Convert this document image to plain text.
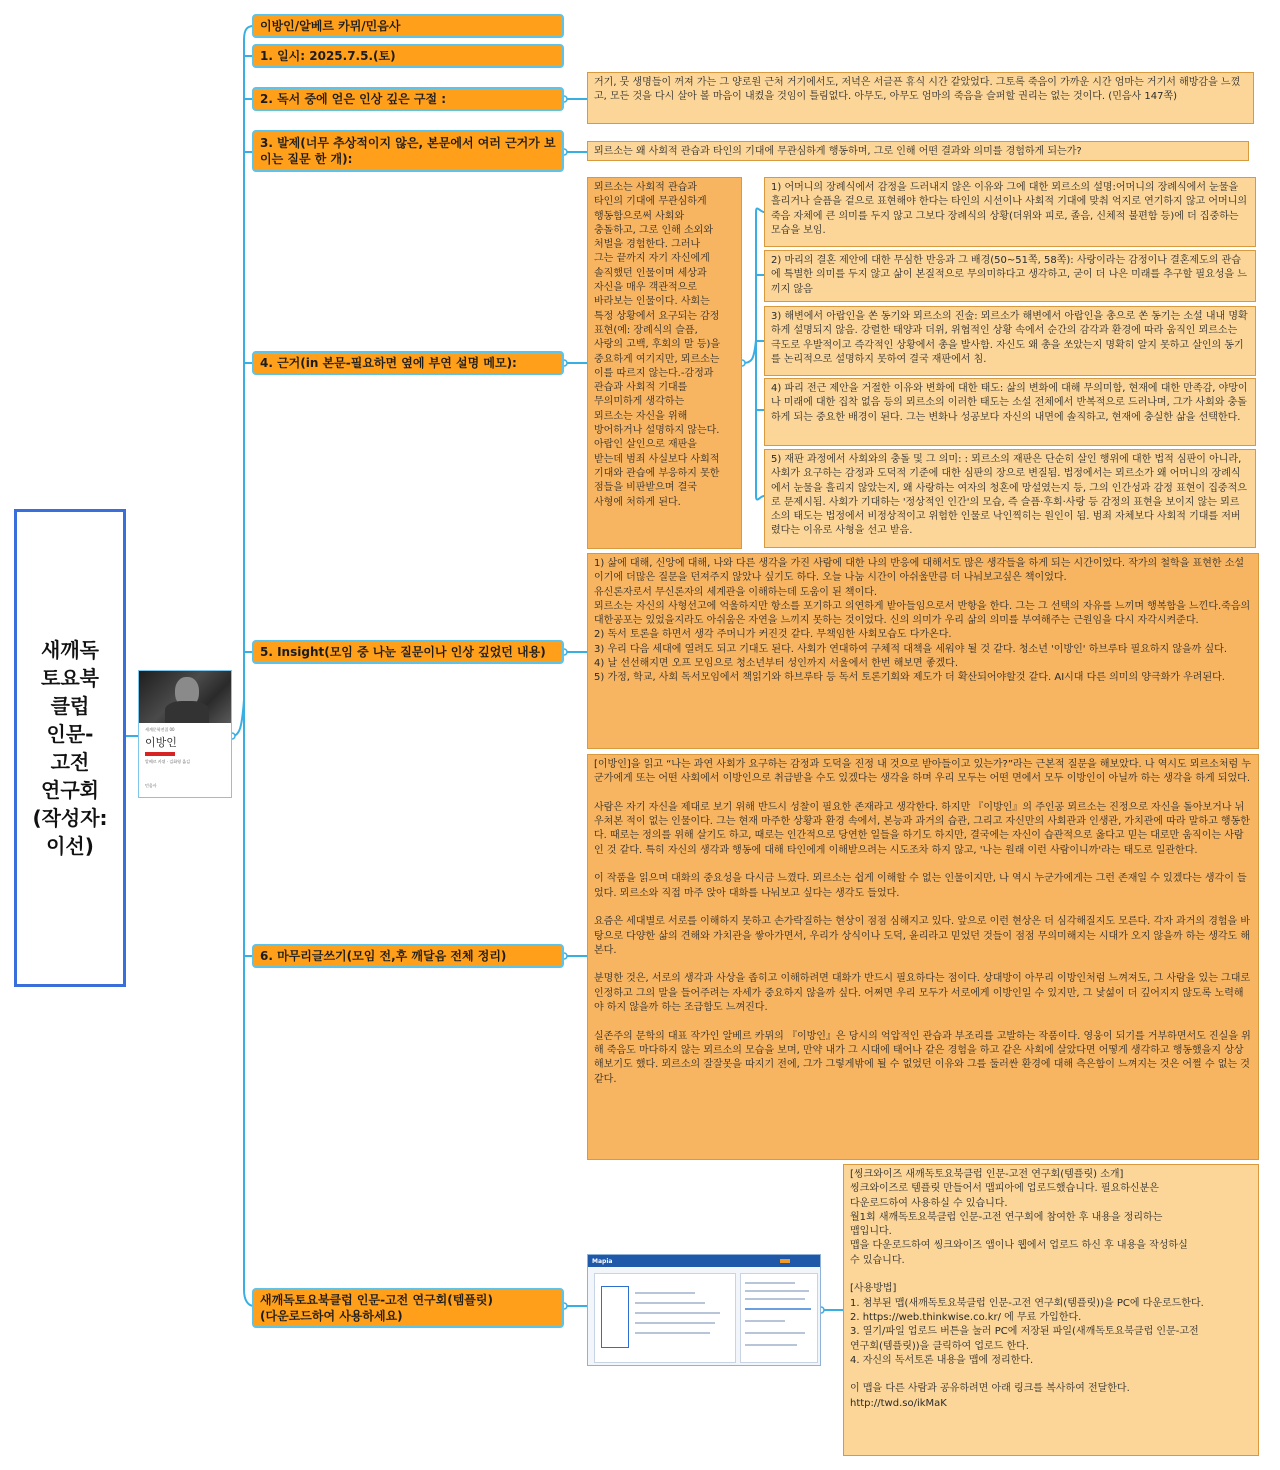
새깨독
토요북
클럽
인문-
고전
연구회
(작성자:
이선)
세계문학전집 00
이방인
알베르 카뮈 · 김화영 옮김
민음사
이방인/알베르 카뮈/민음사
1. 일시: 2025.7.5.(토)
2. 독서 중에 얻은 인상 깊은 구절 :
3. 발제(너무 추상적이지 않은, 본문에서 여러 근거가 보이는 질문 한 개):
4. 근거(in 본문-필요하면 옆에 부연 설명 메모):
5. Insight(모임 중 나눈 질문이나 인상 깊었던 내용)
6. 마무리글쓰기(모임 전,후 깨달음 전체 정리)
새깨독토요북클럽 인문-고전 연구회(템플릿)
(다운로드하여 사용하세요)
거기, 뭇 생명들이 꺼져 가는 그 양로원 근처 거기에서도, 저녁은 서글픈 휴식 시간 같았었다. 그토록 죽음이 가까운 시간 엄마는 거기서 해방감을 느꼈고, 모든 것을 다시 살아 볼 마음이 내켰을 것임이 틀림없다. 아무도, 아무도 엄마의 죽음을 슬퍼할 권리는 없는 것이다. (민음사 147쪽)
뫼르소는 왜 사회적 관습과 타인의 기대에 무관심하게 행동하며, 그로 인해 어떤 결과와 의미를 경험하게 되는가?
뫼르소는 사회적 관습과
타인의 기대에 무관심하게
행동함으로써 사회와
충돌하고, 그로 인해 소외와
처벌을 경험한다. 그러나
그는 끝까지 자기 자신에게
솔직했던 인물이며 세상과
자신을 매우 객관적으로
바라보는 인물이다. 사회는
특정 상황에서 요구되는 감정
표현(예: 장례식의 슬픔,
사랑의 고백, 후회의 말 등)을
중요하게 여기지만, 뫼르소는
이를 따르지 않는다.-감정과
관습과 사회적 기대를
무의미하게 생각하는
뫼르소는 자신을 위해
방어하거나 설명하지 않는다.
아랍인 살인으로 재판을
받는데 범죄 사실보다 사회적
기대와 관습에 부응하지 못한
점들을 비판받으며 결국
사형에 처하게 된다.
1) 어머니의 장례식에서 감정을 드러내지 않은 이유와 그에 대한 뫼르소의 설명:어머니의 장례식에서 눈물을 흘리거나 슬픔을 겉으로 표현해야 한다는 타인의 시선이나 사회적 기대에 맞춰 억지로 연기하지 않고 어머니의 죽음 자체에 큰 의미를 두지 않고 그보다 장례식의 상황(더위와 피로, 졸음, 신체적 불편함 등)에 더 집중하는 모습을 보임.
2) 마리의 결혼 제안에 대한 무심한 반응과 그 배경(50~51쪽, 58쪽): 사랑이라는 감정이나 결혼제도의 관습에 특별한 의미를 두지 않고 삶이 본질적으로 무의미하다고 생각하고, 굳이 더 나은 미래를 추구할 필요성을 느끼지 않음
3) 해변에서 아랍인을 쏜 동기와 뫼르소의 진술: 뫼르소가 해변에서 아랍인을 총으로 쏜 동기는 소설 내내 명확하게 설명되지 않음. 강렬한 태양과 더위, 위협적인 상황 속에서 순간의 감각과 환경에 따라 움직인 뫼르소는 극도로 우발적이고 즉각적인 상황에서 총을 발사함. 자신도 왜 총을 쏘았는지 명확히 알지 못하고 살인의 동기를 논리적으로 설명하지 못하여 결국 재판에서 침.
4) 파리 전근 제안을 거절한 이유와 변화에 대한 태도: 삶의 변화에 대해 무의미함, 현재에 대한 만족감, 야망이나 미래에 대한 집착 없음 등의 뫼르소의 이러한 태도는 소설 전체에서 반복적으로 드러나며, 그가 사회와 충돌하게 되는 중요한 배경이 된다. 그는 변화나 성공보다 자신의 내면에 솔직하고, 현재에 충실한 삶을 선택한다.
5) 재판 과정에서 사회와의 충돌 및 그 의미: : 뫼르소의 재판은 단순히 살인 행위에 대한 법적 심판이 아니라, 사회가 요구하는 감정과 도덕적 기준에 대한 심판의 장으로 변질됨. 법정에서는 뫼르소가 왜 어머니의 장례식에서 눈물을 흘리지 않았는지, 왜 사랑하는 여자의 청혼에 망설였는지 등, 그의 인간성과 감정 표현이 집중적으로 문제시됨. 사회가 기대하는 '정상적인 인간'의 모습, 즉 슬픔·후회·사랑 등 감정의 표현을 보이지 않는 뫼르소의 태도는 법정에서 비정상적이고 위험한 인물로 낙인찍히는 원인이 됨. 범죄 자체보다 사회적 기대를 저버렸다는 이유로 사형을 선고 받음.
1) 삶에 대해, 신앙에 대해, 나와 다른 생각을 가진 사람에 대한 나의 반응에 대해서도 많은 생각들을 하게 되는 시간이었다. 작가의 철학을 표현한 소설이기에 더많은 질문을 던져주지 않았나 싶기도 하다. 오늘 나눔 시간이 아쉬울만큼 더 나눠보고싶은 책이었다.
유신론자로서 무신론자의 세계관을 이해하는데 도움이 된 책이다.
뫼르소는 자신의 사형선고에 억울하지만 항소를 포기하고 의연하게 받아들임으로서 반항을 한다. 그는 그 선택의 자유를 느끼며 행복함을 느낀다.죽음의 대한공포는 있었을지라도 아쉬움은 자연을 느끼지 못하는 것이었다. 신의 의미가 우리 삶의 의미를 부여해주는 근원임을 다시 자각시켜준다.
2) 독서 토론을 하면서 생각 주머니가 커진것 같다. 무책임한 사회모습도 다가온다.
3) 우리 다음 세대에 열려도 되고 기대도 된다. 사회가 연대하여 구체적 대책을 세워야 될 것 같다. 청소년 '이방인' 하브루타 필요하지 않을까 싶다.
4) 날 선선해지면 오프 모임으로 청소년부터 성인까지 서울에서 한번 해보면 좋겠다.
5) 가정, 학교, 사회 독서모임에서 책읽기와 하브루타 등 독서 토론기회와 제도가 더 확산되어야할것 같다. AI시대 다른 의미의 양극화가 우려된다.
[이방인]을 읽고 “나는 과연 사회가 요구하는 감정과 도덕을 진정 내 것으로 받아들이고 있는가?”라는 근본적 질문을 해보았다. 나 역시도 뫼르소처럼 누군가에게 또는 어떤 사회에서 이방인으로 취급받을 수도 있겠다는 생각을 하며 우리 모두는 어떤 면에서 모두 이방인이 아닐까 하는 생각을 하게 되었다.

사람은 자기 자신을 제대로 보기 위해 반드시 성찰이 필요한 존재라고 생각한다. 하지만 『이방인』의 주인공 뫼르소는 진정으로 자신을 돌아보거나 뉘우쳐본 적이 없는 인물이다. 그는 현재 마주한 상황과 환경 속에서, 본능과 과거의 습관, 그리고 자신만의 사회관과 인생관, 가치관에 따라 말하고 행동한다. 때로는 정의를 위해 살기도 하고, 때로는 인간적으로 당연한 일들을 하기도 하지만, 결국에는 자신이 습관적으로 옳다고 믿는 대로만 움직이는 사람인 것 같다. 특히 자신의 생각과 행동에 대해 타인에게 이해받으려는 시도조차 하지 않고, '나는 원래 이런 사람이니까'라는 태도로 일관한다.

이 작품을 읽으며 대화의 중요성을 다시금 느꼈다. 뫼르소는 쉽게 이해할 수 없는 인물이지만, 나 역시 누군가에게는 그런 존재일 수 있겠다는 생각이 들었다. 뫼르소와 직접 마주 앉아 대화를 나눠보고 싶다는 생각도 들었다.

요즘은 세대별로 서로를 이해하지 못하고 손가락질하는 현상이 점점 심해지고 있다. 앞으로 이런 현상은 더 심각해질지도 모른다. 각자 과거의 경험을 바탕으로 다양한 삶의 견해와 가치관을 쌓아가면서, 우리가 상식이나 도덕, 윤리라고 믿었던 것들이 점점 무의미해지는 시대가 오지 않을까 하는 생각도 해본다.

분명한 것은, 서로의 생각과 사상을 좁히고 이해하려면 대화가 반드시 필요하다는 점이다. 상대방이 아무리 이방인처럼 느껴져도, 그 사람을 있는 그대로 인정하고 그의 말을 들어주려는 자세가 중요하지 않을까 싶다. 어쩌면 우리 모두가 서로에게 이방인일 수 있지만, 그 낯섦이 더 깊어지지 않도록 노력해야 하지 않을까 하는 조급함도 느껴진다.

실존주의 문학의 대표 작가인 알베르 카뮈의 『이방인』은 당시의 억압적인 관습과 부조리를 고발하는 작품이다. 영웅이 되기를 거부하면서도 진실을 위해 죽음도 마다하지 않는 뫼르소의 모습을 보며, 만약 내가 그 시대에 태어나 같은 경험을 하고 같은 사회에 살았다면 어떻게 생각하고 행동했을지 상상해보기도 했다. 뫼르소의 잘잘못을 따지기 전에, 그가 그렇게밖에 될 수 없었던 이유와 그를 둘러싼 환경에 대해 측은함이 느껴지는 것은 어쩔 수 없는 것 같다.
[씽크와이즈 새깨독토요북클럽 인문-고전 연구회(템플릿) 소개]
씽크와이즈로 템플릿 만들어서 맵피아에 업로드했습니다. 필요하신분은
다운로드하여 사용하실 수 있습니다.
월1회 새깨독토요북클럽 인문-고전 연구회에 참여한 후 내용을 정리하는
맵입니다.
맵을 다운로드하여 씽크와이즈 앱이나 웹에서 업로드 하신 후 내용을 작성하실
수 있습니다.

[사용방법]
1. 첨부된 맵(새깨독토요북클럽 인문-고전 연구회(템플릿))을 PC에 다운로드한다.
2. https://web.thinkwise.co.kr/ 에 무료 가입한다.
3. 열기/파일 업로드 버튼을 눌러 PC에 저장된 파일(새깨독토요북클럽 인문-고전
연구회(템플릿))을 클릭하여 업로드 한다.
4. 자신의 독서토론 내용을 맵에 정리한다.

이 맵을 다른 사람과 공유하려면 아래 링크를 복사하여 전달한다.
http://twd.so/ikMaK
Mapia
